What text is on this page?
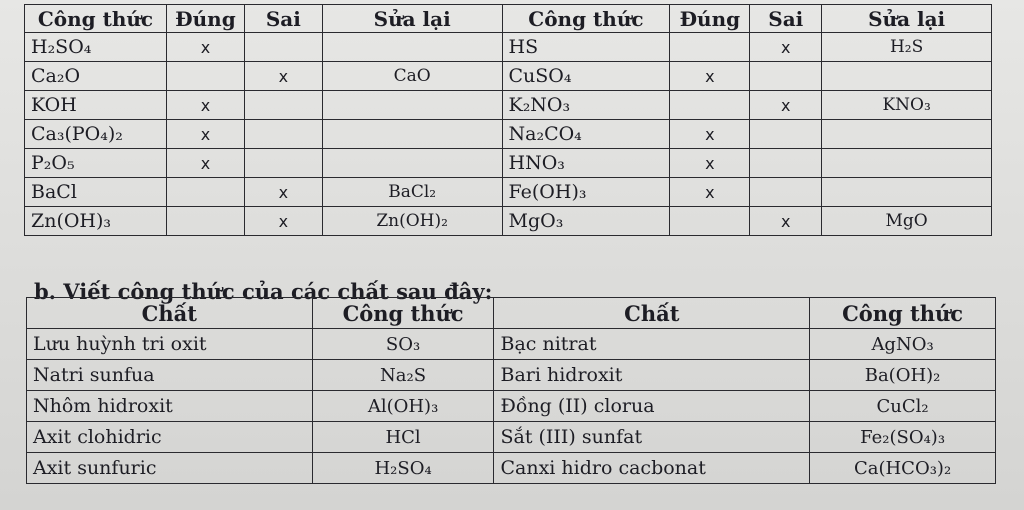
Công thức	Đúng	Sai	Sửa lại	Công thức	Đúng	Sai	Sửa lại
H₂SO₄	x			HS		x	H₂S
Ca₂O		x	CaO	CuSO₄	x		
KOH	x			K₂NO₃		x	KNO₃
Ca₃(PO₄)₂	x			Na₂CO₄	x		
P₂O₅	x			HNO₃	x		
BaCl		x	BaCl₂	Fe(OH)₃	x		
Zn(OH)₃		x	Zn(OH)₂	MgO₃		x	MgO
b. Viết công thức của các chất sau đây:
Chất	Công thức	Chất	Công thức
Lưu huỳnh tri oxit	SO₃	Bạc nitrat	AgNO₃
Natri sunfua	Na₂S	Bari hidroxit	Ba(OH)₂
Nhôm hidroxit	Al(OH)₃	Đồng (II) clorua	CuCl₂
Axit clohidric	HCl	Sắt (III) sunfat	Fe₂(SO₄)₃
Axit sunfuric	H₂SO₄	Canxi hidro cacbonat	Ca(HCO₃)₂
